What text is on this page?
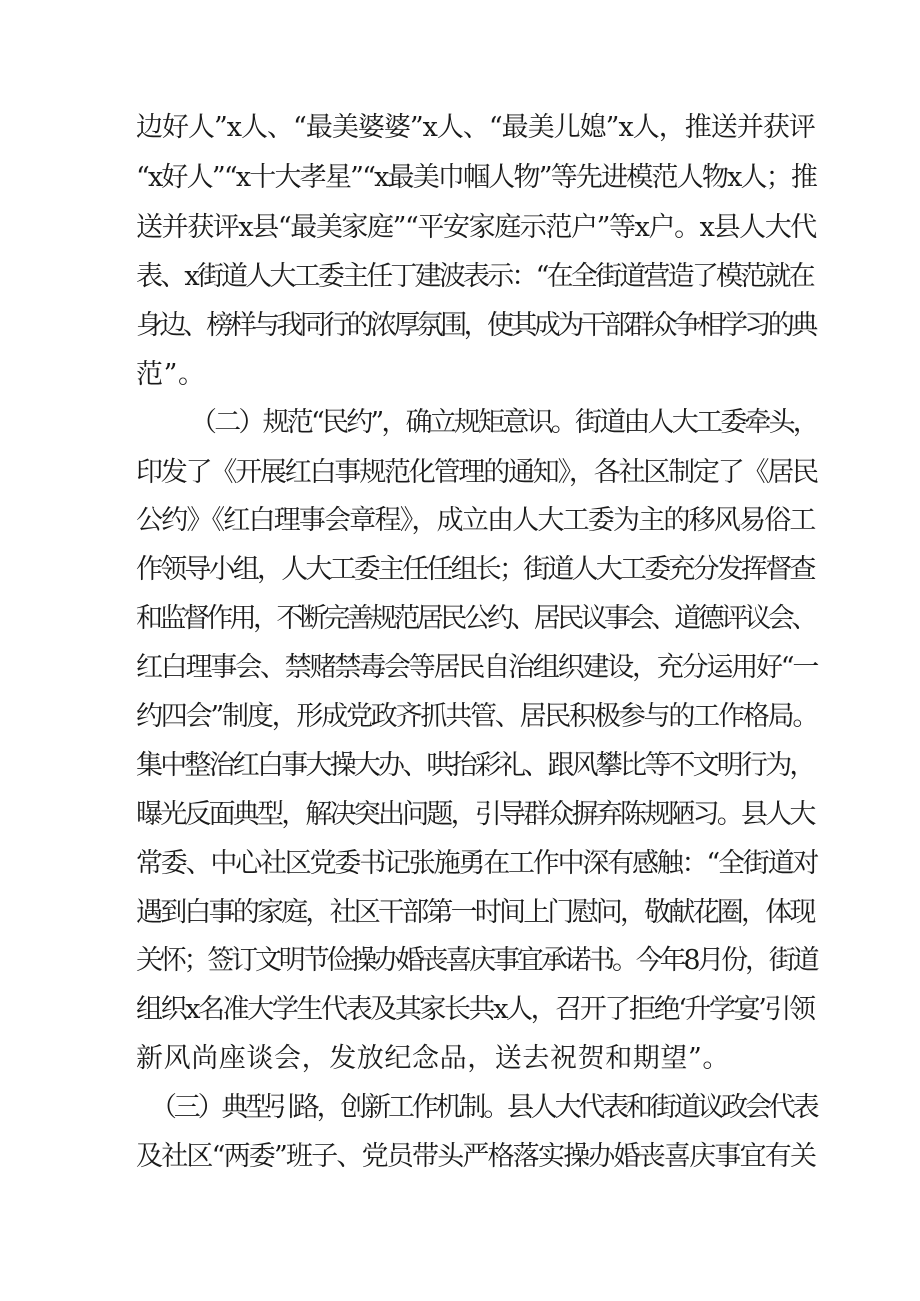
边好人”x人、“最美婆婆”x人、“最美儿媳”x人，推送并获评

“x好人”“x十大孝星”“x最美巾帼人物”等先进模范人物x人；推

送并获评x县“最美家庭”“平安家庭示范户”等x户。x县人大代

表、x街道人大工委主任丁建波表示：“在全街道营造了模范就在

身边、榜样与我同行的浓厚氛围，使其成为干部群众争相学习的典

范”。

（二）规范“民约”，确立规矩意识。街道由人大工委牵头，

印发了《开展红白事规范化管理的通知》，各社区制定了《居民

公约》《红白理事会章程》，成立由人大工委为主的移风易俗工

作领导小组，人大工委主任任组长；街道人大工委充分发挥督查

和监督作用，不断完善规范居民公约、居民议事会、道德评议会、

红白理事会、禁赌禁毒会等居民自治组织建设，充分运用好“一

约四会”制度，形成党政齐抓共管、居民积极参与的工作格局。

集中整治红白事大操大办、哄抬彩礼、跟风攀比等不文明行为，

曝光反面典型，解决突出问题，引导群众摒弃陈规陋习。县人大

常委、中心社区党委书记张施勇在工作中深有感触：“全街道对

遇到白事的家庭，社区干部第一时间上门慰问，敬献花圈，体现

关怀；签订文明节俭操办婚丧喜庆事宜承诺书。今年8月份，街道

组织x名准大学生代表及其家长共x人，召开了拒绝‘升学宴’引领

新风尚座谈会，发放纪念品，送去祝贺和期望”。

（三）典型引路，创新工作机制。县人大代表和街道议政会代表

及社区“两委”班子、党员带头严格落实操办婚丧喜庆事宜有关
